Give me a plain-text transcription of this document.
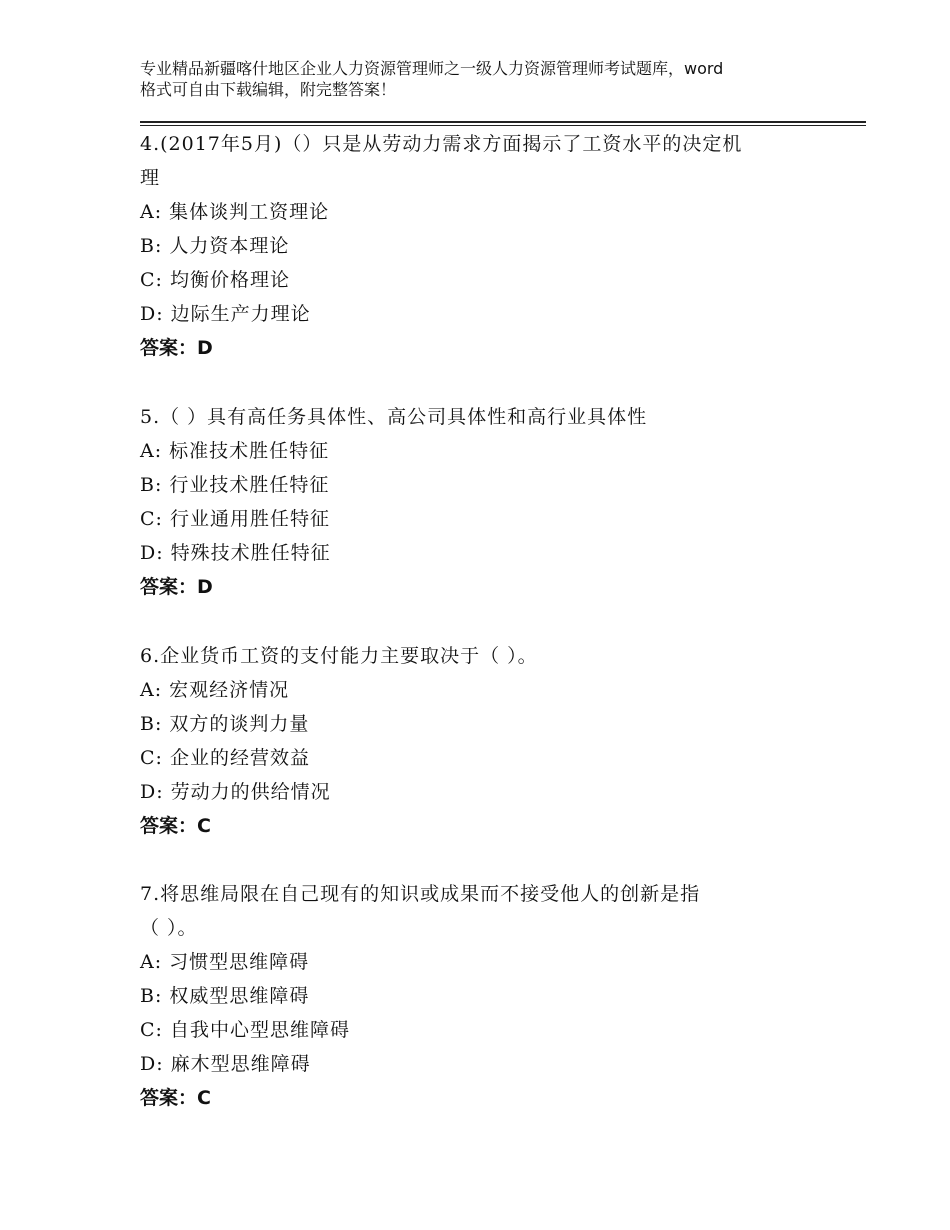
专业精品新疆喀什地区企业人力资源管理师之一级人力资源管理师考试题库，word
格式可自由下载编辑，附完整答案！
4.(2017年5月)（）只是从劳动力需求方面揭示了工资水平的决定机
理
A: 集体谈判工资理论
B: 人力资本理论
C: 均衡价格理论
D: 边际生产力理论
答案：D
5.（ ）具有高任务具体性、高公司具体性和高行业具体性
A: 标准技术胜任特征
B: 行业技术胜任特征
C: 行业通用胜任特征
D: 特殊技术胜任特征
答案：D
6.企业货币工资的支付能力主要取决于（ ）。
A: 宏观经济情况
B: 双方的谈判力量
C: 企业的经营效益
D: 劳动力的供给情况
答案：C
7.将思维局限在自己现有的知识或成果而不接受他人的创新是指
（ ）。
A: 习惯型思维障碍
B: 权威型思维障碍
C: 自我中心型思维障碍
D: 麻木型思维障碍
答案：C
